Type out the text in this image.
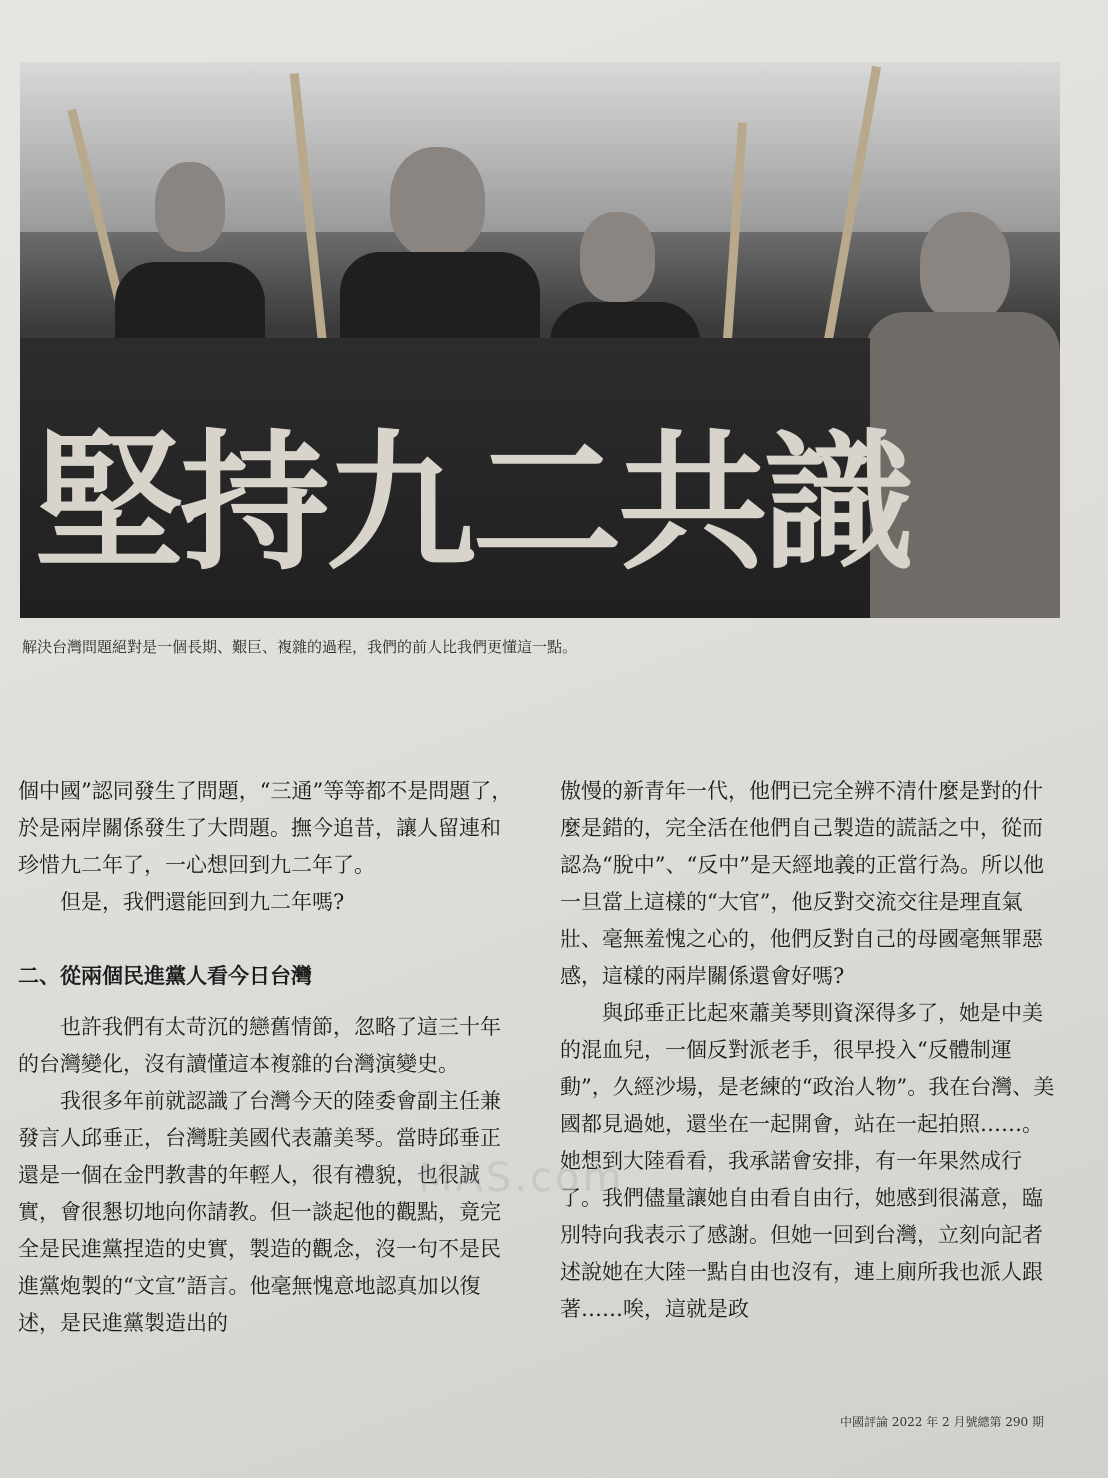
堅持九二共識
解決台灣問題絕對是一個長期、艱巨、複雜的過程，我們的前人比我們更懂這一點。

個中國”認同發生了問題，“三通”等等都不是問題了，於是兩岸關係發生了大問題。撫今追昔，讓人留連和珍惜九二年了，一心想回到九二年了。

但是，我們還能回到九二年嗎?

二、從兩個民進黨人看今日台灣

也許我們有太苛沉的戀舊情節，忽略了這三十年的台灣變化，沒有讀懂這本複雜的台灣演變史。

我很多年前就認識了台灣今天的陸委會副主任兼發言人邱垂正，台灣駐美國代表蕭美琴。當時邱垂正還是一個在金門教書的年輕人，很有禮貌，也很誠實，會很懇切地向你請教。但一談起他的觀點，竟完全是民進黨捏造的史實，製造的觀念，沒一句不是民進黨炮製的“文宣”語言。他毫無愧意地認真加以復述，是民進黨製造出的

傲慢的新青年一代，他們已完全辨不清什麼是對的什麼是錯的，完全活在他們自己製造的謊話之中，從而認為“脫中”、“反中”是天經地義的正當行為。所以他一旦當上這樣的“大官”，他反對交流交往是理直氣壯、毫無羞愧之心的，他們反對自己的母國毫無罪惡感，這樣的兩岸關係還會好嗎?

與邱垂正比起來蕭美琴則資深得多了，她是中美的混血兒，一個反對派老手，很早投入“反體制運動”，久經沙場，是老練的“政治人物”。我在台灣、美國都見過她，還坐在一起開會，站在一起拍照……。她想到大陸看看，我承諾會安排，有一年果然成行了。我們儘量讓她自由看自由行，她感到很滿意，臨別特向我表示了感謝。但她一回到台灣，立刻向記者述說她在大陸一點自由也沒有，連上廁所我也派人跟著……唉，這就是政

MAS.com
中國評論 2022 年 2 月號總第 290 期
